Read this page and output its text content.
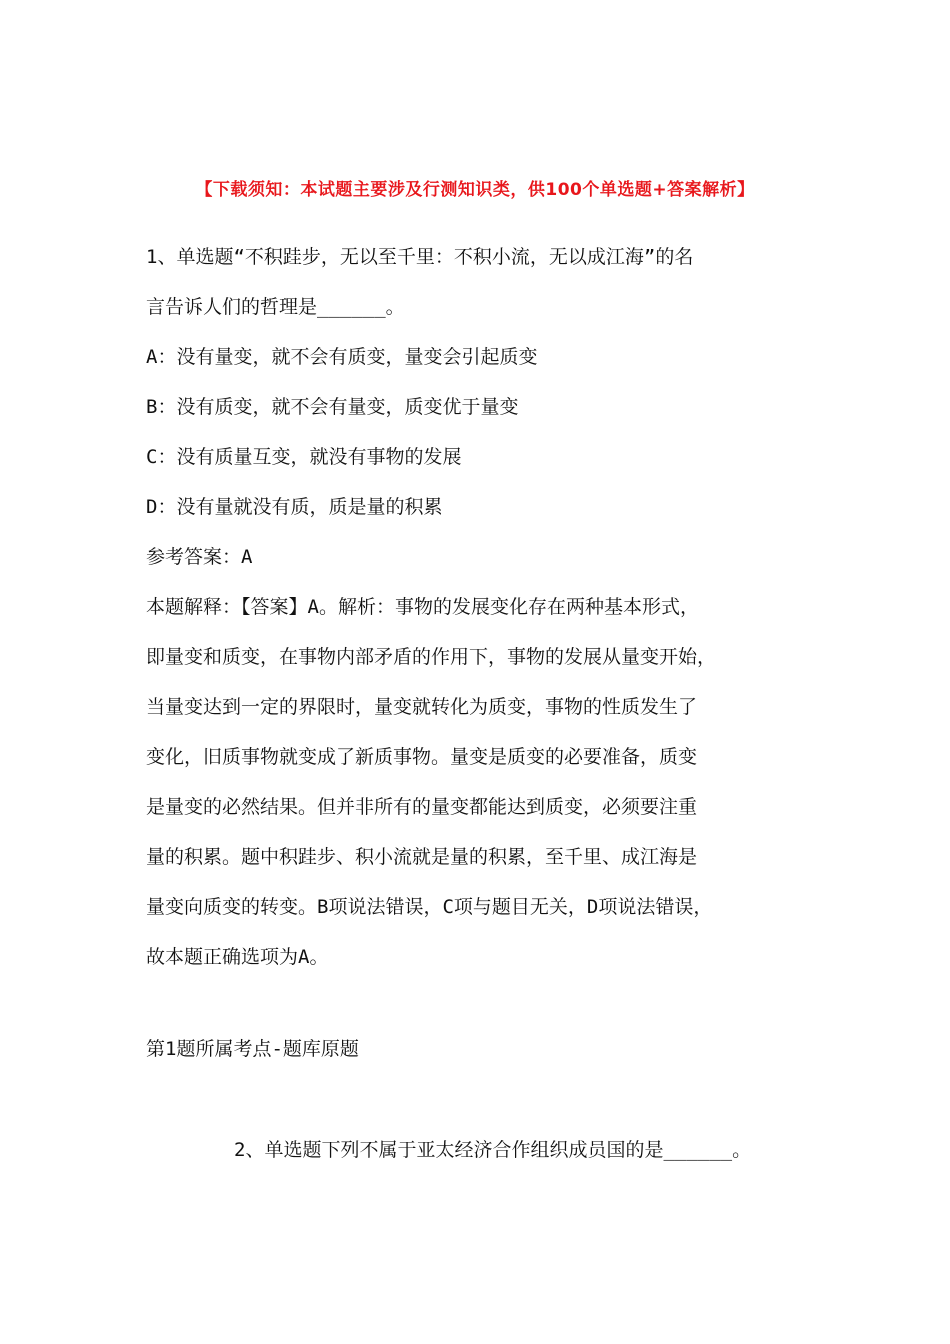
【下载须知：本试题主要涉及行测知识类，供100个单选题+答案解析】
1、单选题“不积跬步，无以至千里：不积小流，无以成江海”的名
言告诉人们的哲理是______。
A：没有量变，就不会有质变，量变会引起质变
B：没有质变，就不会有量变，质变优于量变
C：没有质量互变，就没有事物的发展
D：没有量就没有质，质是量的积累
参考答案：A
本题解释：【答案】A。解析：事物的发展变化存在两种基本形式，
即量变和质变，在事物内部矛盾的作用下，事物的发展从量变开始，
当量变达到一定的界限时，量变就转化为质变，事物的性质发生了
变化，旧质事物就变成了新质事物。量变是质变的必要准备，质变
是量变的必然结果。但并非所有的量变都能达到质变，必须要注重
量的积累。题中积跬步、积小流就是量的积累，至千里、成江海是
量变向质变的转变。B项说法错误，C项与题目无关，D项说法错误，
故本题正确选项为A。
第1题所属考点-题库原题
2、单选题下列不属于亚太经济合作组织成员国的是______。
